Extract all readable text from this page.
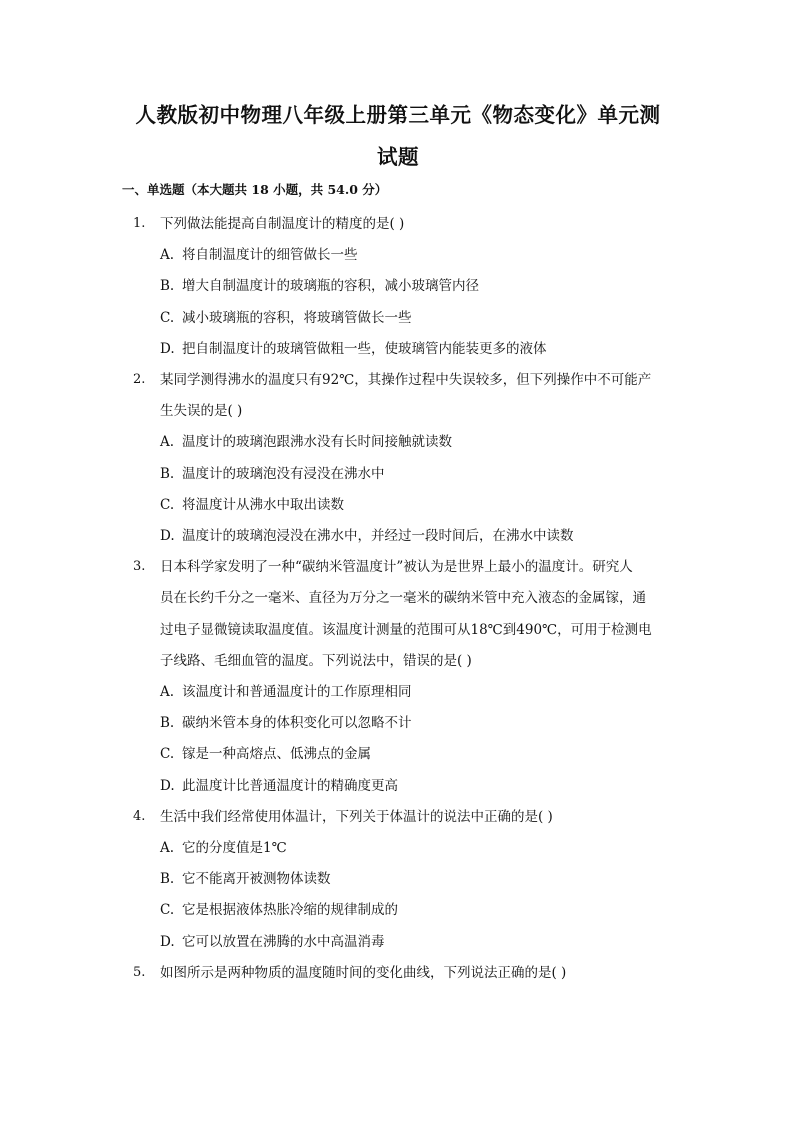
人教版初中物理八年级上册第三单元《物态变化》单元测
试题
一、单选题（本大题共 18 小题，共 54.0 分）
1. 下列做法能提高自制温度计的精度的是( )
A. 将自制温度计的细管做长一些
B. 增大自制温度计的玻璃瓶的容积，减小玻璃管内径
C. 减小玻璃瓶的容积，将玻璃管做长一些
D. 把自制温度计的玻璃管做粗一些，使玻璃管内能装更多的液体
2. 某同学测得沸水的温度只有92℃，其操作过程中失误较多，但下列操作中不可能产
生失误的是( )
A. 温度计的玻璃泡跟沸水没有长时间接触就读数
B. 温度计的玻璃泡没有浸没在沸水中
C. 将温度计从沸水中取出读数
D. 温度计的玻璃泡浸没在沸水中，并经过一段时间后，在沸水中读数
3. 日本科学家发明了一种“碳纳米管温度计”被认为是世界上最小的温度计。研究人
员在长约千分之一毫米、直径为万分之一毫米的碳纳米管中充入液态的金属镓，通
过电子显微镜读取温度值。该温度计测量的范围可从18℃到490℃，可用于检测电
子线路、毛细血管的温度。下列说法中，错误的是( )
A. 该温度计和普通温度计的工作原理相同
B. 碳纳米管本身的体积变化可以忽略不计
C. 镓是一种高熔点、低沸点的金属
D. 此温度计比普通温度计的精确度更高
4. 生活中我们经常使用体温计，下列关于体温计的说法中正确的是( )
A. 它的分度值是1℃
B. 它不能离开被测物体读数
C. 它是根据液体热胀冷缩的规律制成的
D. 它可以放置在沸腾的水中高温消毒
5. 如图所示是两种物质的温度随时间的变化曲线，下列说法正确的是( )
